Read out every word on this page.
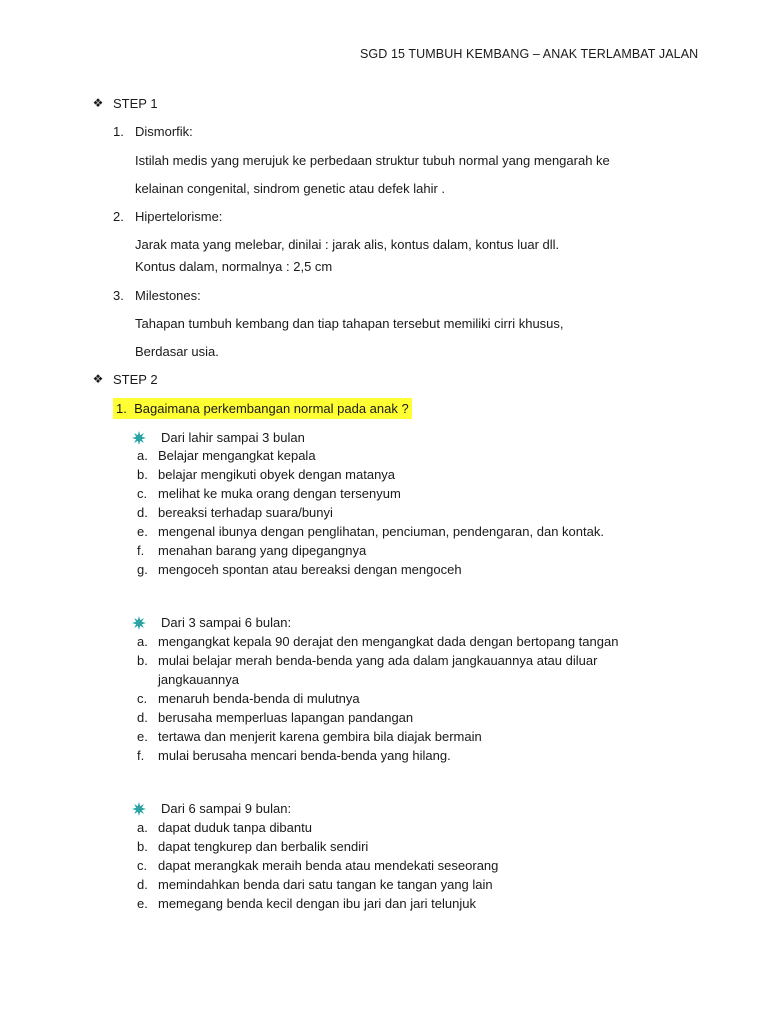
SGD 15 TUMBUH KEMBANG – ANAK TERLAMBAT JALAN
❖ STEP 1
1. Dismorfik:
Istilah medis yang merujuk ke perbedaan struktur tubuh normal yang mengarah ke
kelainan congenital, sindrom genetic atau defek lahir .
2. Hipertelorisme:
Jarak mata yang melebar, dinilai : jarak alis, kontus dalam, kontus luar dll.
Kontus dalam, normalnya : 2,5 cm
3. Milestones:
Tahapan tumbuh kembang dan tiap tahapan tersebut memiliki cirri khusus,
Berdasar usia.
❖ STEP 2
1. Bagaimana perkembangan normal pada anak ?
Dari lahir sampai 3 bulan
a. Belajar mengangkat kepala
b. belajar mengikuti obyek dengan matanya
c. melihat ke muka orang dengan tersenyum
d. bereaksi terhadap suara/bunyi
e. mengenal ibunya dengan penglihatan, penciuman, pendengaran, dan kontak.
f.	menahan barang yang dipegangnya
g. mengoceh spontan atau bereaksi dengan mengoceh
Dari 3 sampai 6 bulan:
a. mengangkat kepala 90 derajat den mengangkat dada dengan bertopang tangan
b. mulai belajar merah benda-benda yang ada dalam jangkauannya atau diluar
jangkauannya
c. menaruh benda-benda di mulutnya
d. berusaha memperluas lapangan pandangan
e. tertawa dan menjerit karena gembira bila diajak bermain
f.	mulai berusaha mencari benda-benda yang hilang.
Dari 6 sampai 9 bulan:
a. dapat duduk tanpa dibantu
b. dapat tengkurep dan berbalik sendiri
c. dapat merangkak meraih benda atau mendekati seseorang
d. memindahkan benda dari satu tangan ke tangan yang lain
e. memegang benda kecil dengan ibu jari dan jari telunjuk
